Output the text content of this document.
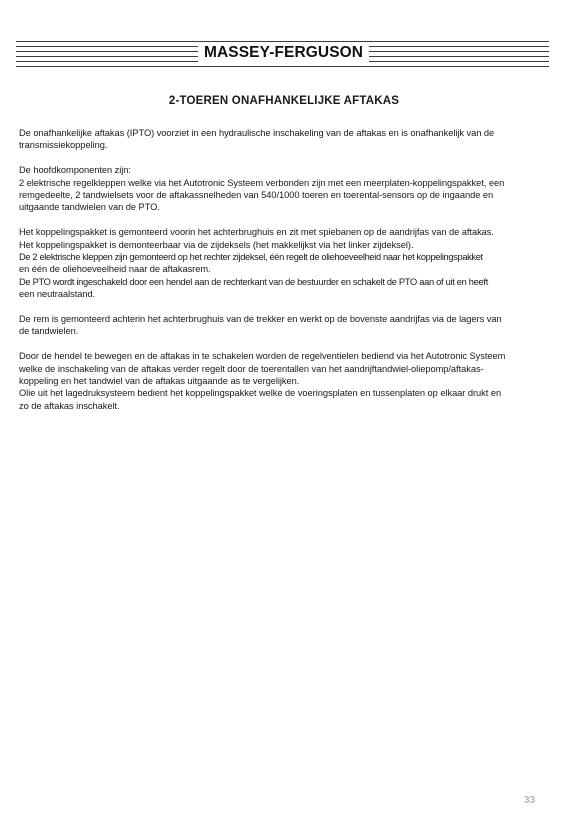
MASSEY-FERGUSON
2-TOEREN ONAFHANKELIJKE AFTAKAS

De onafhankelijke aftakas (IPTO) voorziet in een hydraulische inschakeling van de aftakas en is onafhankelijk van de
transmissiekoppeling.

De hoofdkomponenten zijn:
2 elektrische regelkleppen welke via het Autotronic Systeem verbonden zijn met een meerplaten-koppelingspakket, een
remgedeelte, 2 tandwielsets voor de aftakassnelheden van 540/1000 toeren en toerental-sensors op de ingaande en
uitgaande tandwielen van de PTO.

Het koppelingspakket is gemonteerd voorin het achterbrughuis en zit met spiebanen op de aandrijfas van de aftakas.
Het koppelingspakket is demonteerbaar via de zijdeksels (het makkelijkst via het linker zijdeksel).
De 2 elektrische kleppen zijn gemonteerd op het rechter zijdeksel, één regelt de oliehoeveelheid naar het koppelingspakket
en één de oliehoeveelheid naar de aftakasrem.
De PTO wordt ingeschakeld door een hendel aan de rechterkant van de bestuurder en schakelt de PTO aan of uit en heeft
een neutraalstand.

De rem is gemonteerd achterin het achterbrughuis van de trekker en werkt op de bovenste aandrijfas via de lagers van
de tandwielen.

Door de hendel te bewegen en de aftakas in te schakelen worden de regelventielen bediend via het Autotronic Systeem
welke de inschakeling van de aftakas verder regelt door de toerentallen van het aandrijftandwiel-oliepomp/aftakas-
koppeling en het tandwiel van de aftakas uitgaande as te vergelijken.
Olie uit het lagedruksysteem bedient het koppelingspakket welke de voeringsplaten en tussenplaten op elkaar drukt en
zo de aftakas inschakelt.

33
